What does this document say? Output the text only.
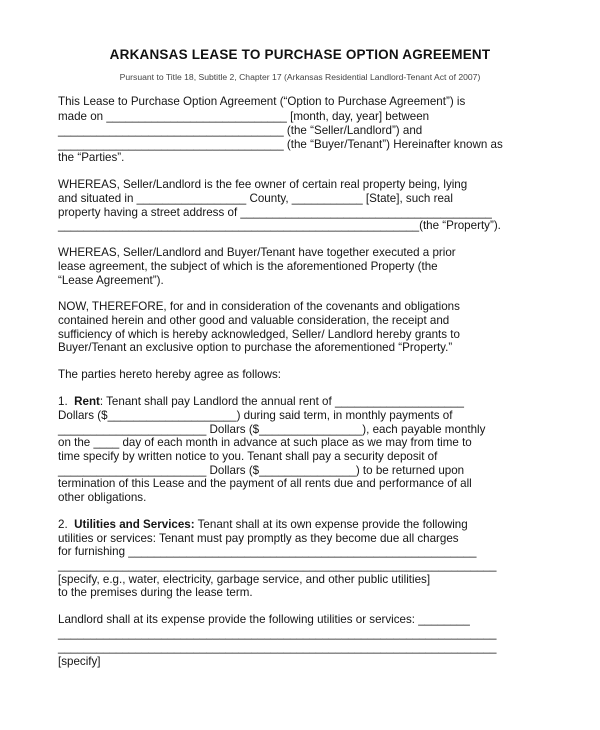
ARKANSAS LEASE TO PURCHASE OPTION AGREEMENT
Pursuant to Title 18, Subtitle 2, Chapter 17 (Arkansas Residential Landlord-Tenant Act of 2007)
This Lease to Purchase Option Agreement (“Option to Purchase Agreement”) is
made on ____________________________ [month, day, year] between
___________________________________ (the “Seller/Landlord”) and
___________________________________ (the “Buyer/Tenant”) Hereinafter known as
the “Parties”.
WHEREAS, Seller/Landlord is the fee owner of certain real property being, lying
and situated in _________________ County, ___________ [State], such real
property having a street address of _______________________________________
________________________________________________________(the “Property”).
WHEREAS, Seller/Landlord and Buyer/Tenant have together executed a prior
lease agreement, the subject of which is the aforementioned Property (the
“Lease Agreement”).
NOW, THEREFORE, for and in consideration of the covenants and obligations
contained herein and other good and valuable consideration, the receipt and
sufficiency of which is hereby acknowledged, Seller/ Landlord hereby grants to
Buyer/Tenant an exclusive option to purchase the aforementioned “Property.”
The parties hereto hereby agree as follows:
1. Rent: Tenant shall pay Landlord the annual rent of ____________________
Dollars ($____________________) during said term, in monthly payments of
_______________________ Dollars ($________________), each payable monthly
on the ____ day of each month in advance at such place as we may from time to
time specify by written notice to you. Tenant shall pay a security deposit of
_______________________ Dollars ($_______________) to be returned upon
termination of this Lease and the payment of all rents due and performance of all
other obligations.
2. Utilities and Services: Tenant shall at its own expense provide the following
utilities or services: Tenant must pay promptly as they become due all charges
for furnishing ______________________________________________________
____________________________________________________________________
[specify, e.g., water, electricity, garbage service, and other public utilities]
to the premises during the lease term.
Landlord shall at its expense provide the following utilities or services: ________
____________________________________________________________________
____________________________________________________________________
[specify]
